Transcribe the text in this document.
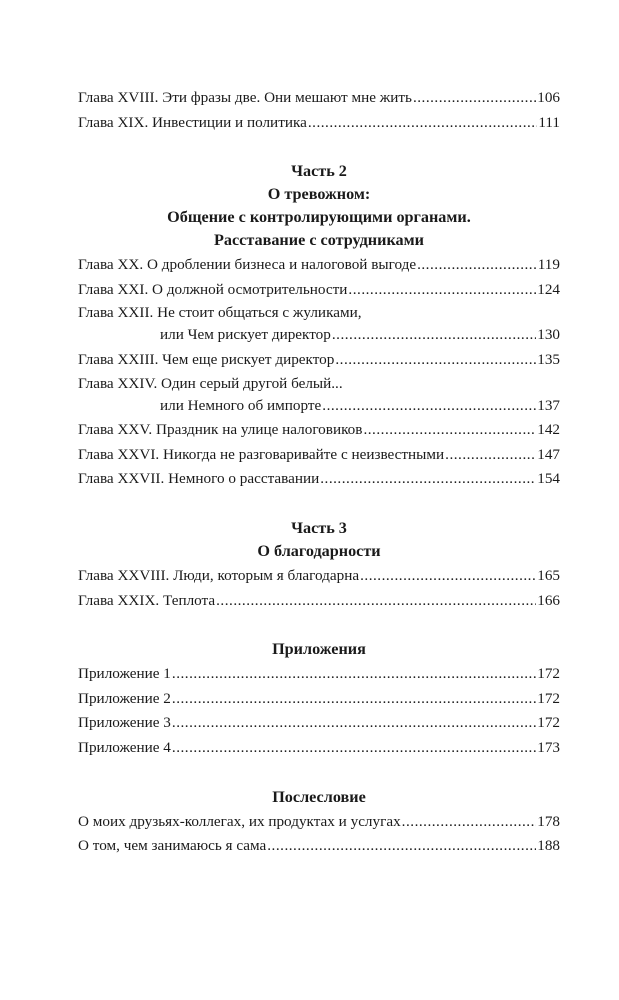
Глава XVIII. Эти фразы две. Они мешают мне жить .....	106
Глава XIX. Инвестиции и политика .....	111
Часть 2
О тревожном:
Общение с контролирующими органами.
Расставание с сотрудниками
Глава XX. О дроблении бизнеса и налоговой выгоде .....	119
Глава XXI. О должной осмотрительности .....	124
Глава XXII. Не стоит общаться с жуликами,
или Чем рискует директор .....	130
Глава XXIII. Чем еще рискует директор .....	135
Глава XXIV. Один серый другой белый...
или Немного об импорте .....	137
Глава XXV. Праздник на улице налоговиков .....	142
Глава XXVI. Никогда не разговаривайте с неизвестными .....	147
Глава XXVII. Немного о расставании .....	154
Часть 3
О благодарности
Глава XXVIII. Люди, которым я благодарна .....	165
Глава XXIX. Теплота .....	166
Приложения
Приложение 1 .....	172
Приложение 2 .....	172
Приложение 3 .....	172
Приложение 4 .....	173
Послесловие
О моих друзьях-коллегах, их продуктах и услугах .....	178
О том, чем занимаюсь я сама .....	188
